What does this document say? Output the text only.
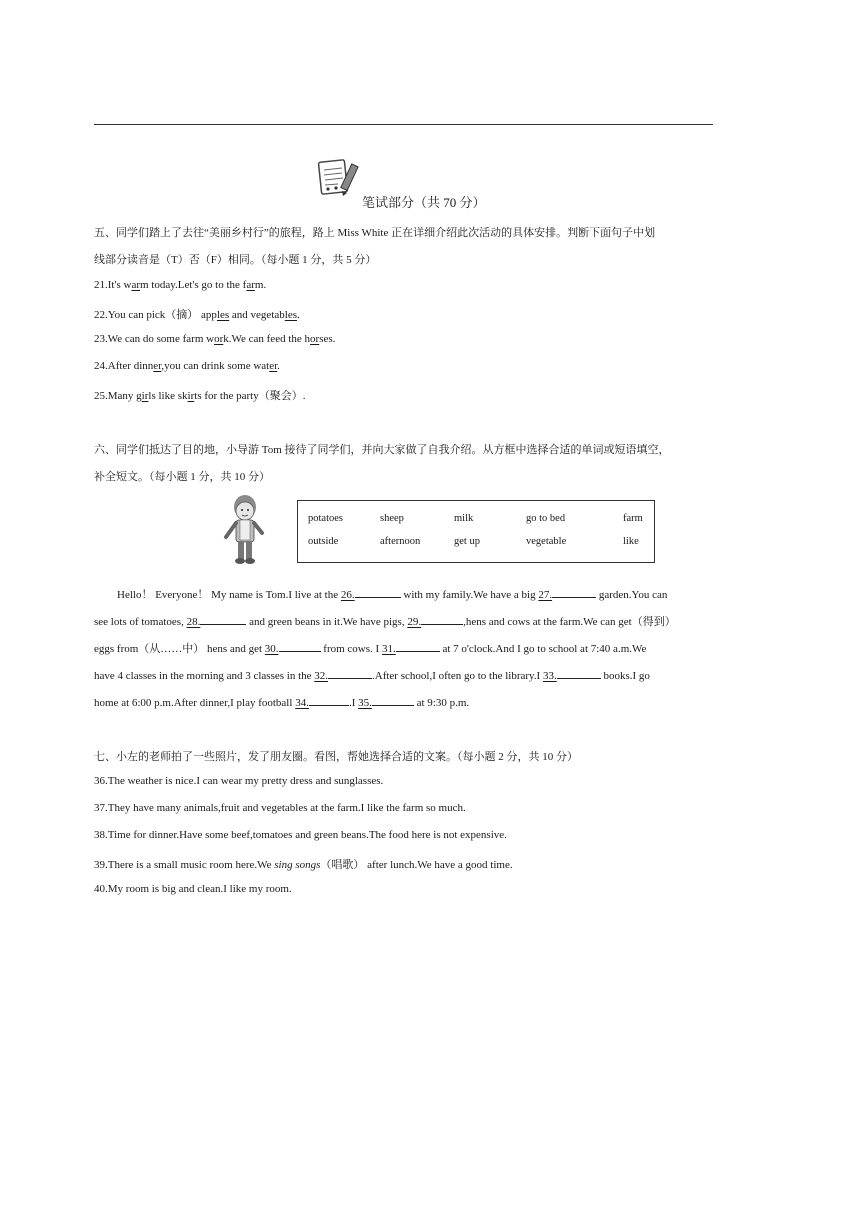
笔试部分（共 70 分）
五、同学们踏上了去往“美丽乡村行”的旅程，路上 Miss White 正在详细介绍此次活动的具体安排。判断下面句子中划
线部分读音是（T）否（F）相同。（每小题 1 分，共 5 分）
21.It's warm today.Let's go to the farm.
22.You can pick（摘） apples and vegetables.
23.We can do some farm work.We can feed the horses.
24.After dinner,you can drink some water.
25.Many girls like skirts for the party（聚会）.
六、同学们抵达了目的地，小导游 Tom 接待了同学们，并向大家做了自我介绍。从方框中选择合适的单词或短语填空，
补全短文。（每小题 1 分，共 10 分）
potatoes	sheep	milk	go to bed	farm
outside	afternoon	get up	vegetable	like
Hello！ Everyone！ My name is Tom.I live at the 26.	with my family.We have a big 27.	garden.You can
see lots of tomatoes, 28.	and green beans in it.We have pigs, 29.	,hens and cows at the farm.We can get（得到）
eggs from（从……中） hens and get 30.	from cows. I 31.	at 7 o'clock.And I go to school at 7:40 a.m.We
have 4 classes in the morning and 3 classes in the 32.	.After school,I often go to the library.I 33.	books.I go
home at 6:00 p.m.After dinner,I play football 34.	.I 35.	at 9:30 p.m.
七、小左的老师拍了一些照片，发了朋友圈。看图，帮她选择合适的文案。（每小题 2 分，共 10 分）
36.The weather is nice.I can wear my pretty dress and sunglasses.
37.They have many animals,fruit and vegetables at the farm.I like the farm so much.
38.Time for dinner.Have some beef,tomatoes and green beans.The food here is not expensive.
39.There is a small music room here.We sing songs（唱歌） after lunch.We have a good time.
40.My room is big and clean.I like my room.
